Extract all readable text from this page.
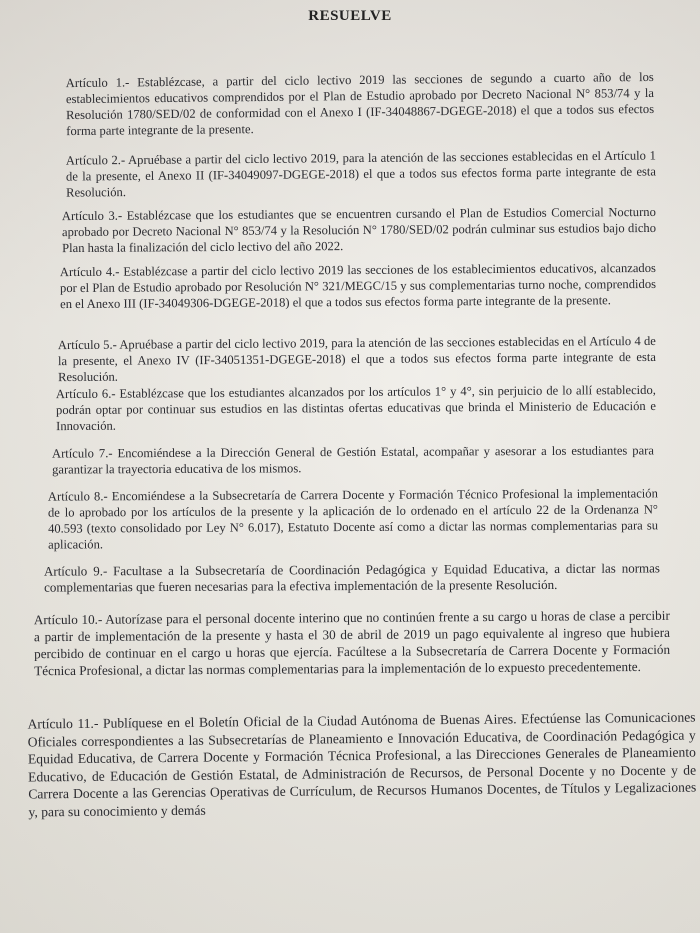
RESUELVE

Artículo 1.- Establézcase, a partir del ciclo lectivo 2019 las secciones de segundo a cuarto año de los establecimientos educativos comprendidos por el Plan de Estudio aprobado por Decreto Nacional N° 853/74 y la Resolución 1780/SED/02 de conformidad con el Anexo I (IF-34048867-DGEGE-2018) el que a todos sus efectos forma parte integrante de la presente.

Artículo 2.- Apruébase a partir del ciclo lectivo 2019, para la atención de las secciones establecidas en el Artículo 1 de la presente, el Anexo II (IF-34049097-DGEGE-2018) el que a todos sus efectos forma parte integrante de esta Resolución.

Artículo 3.- Establézcase que los estudiantes que se encuentren cursando el Plan de Estudios Comercial Nocturno aprobado por Decreto Nacional N° 853/74 y la Resolución N° 1780/SED/02 podrán culminar sus estudios bajo dicho Plan hasta la finalización del ciclo lectivo del año 2022.

Artículo 4.- Establézcase a partir del ciclo lectivo 2019 las secciones de los establecimientos educativos, alcanzados por el Plan de Estudio aprobado por Resolución N° 321/MEGC/15 y sus complementarias turno noche, comprendidos en el Anexo III (IF-34049306-DGEGE-2018) el que a todos sus efectos forma parte integrante de la presente.

Artículo 5.- Apruébase a partir del ciclo lectivo 2019, para la atención de las secciones establecidas en el Artículo 4 de la presente, el Anexo IV (IF-34051351-DGEGE-2018) el que a todos sus efectos forma parte integrante de esta Resolución.

Artículo 6.- Establézcase que los estudiantes alcanzados por los artículos 1° y 4°, sin perjuicio de lo allí establecido, podrán optar por continuar sus estudios en las distintas ofertas educativas que brinda el Ministerio de Educación e Innovación.

Artículo 7.- Encomiéndese a la Dirección General de Gestión Estatal, acompañar y asesorar a los estudiantes para garantizar la trayectoria educativa de los mismos.

Artículo 8.- Encomiéndese a la Subsecretaría de Carrera Docente y Formación Técnico Profesional la implementación de lo aprobado por los artículos de la presente y la aplicación de lo ordenado en el artículo 22 de la Ordenanza N° 40.593 (texto consolidado por Ley N° 6.017), Estatuto Docente así como a dictar las normas complementarias para su aplicación.

Artículo 9.- Facultase a la Subsecretaría de Coordinación Pedagógica y Equidad Educativa, a dictar las normas complementarias que fueren necesarias para la efectiva implementación de la presente Resolución.

Artículo 10.- Autorízase para el personal docente interino que no continúen frente a su cargo u horas de clase a percibir a partir de implementación de la presente y hasta el 30 de abril de 2019 un pago equivalente al ingreso que hubiera percibido de continuar en el cargo u horas que ejercía. Facúltese a la Subsecretaría de Carrera Docente y Formación Técnica Profesional, a dictar las normas complementarias para la implementación de lo expuesto precedentemente.

Artículo 11.- Publíquese en el Boletín Oficial de la Ciudad Autónoma de Buenas Aires. Efectúense las Comunicaciones Oficiales correspondientes a las Subsecretarías de Planeamiento e Innovación Educativa, de Coordinación Pedagógica y Equidad Educativa, de Carrera Docente y Formación Técnica Profesional, a las Direcciones Generales de Planeamiento Educativo, de Educación de Gestión Estatal, de Administración de Recursos, de Personal Docente y no Docente y de Carrera Docente a las Gerencias Operativas de Currículum, de Recursos Humanos Docentes, de Títulos y Legalizaciones y, para su conocimiento y demás
